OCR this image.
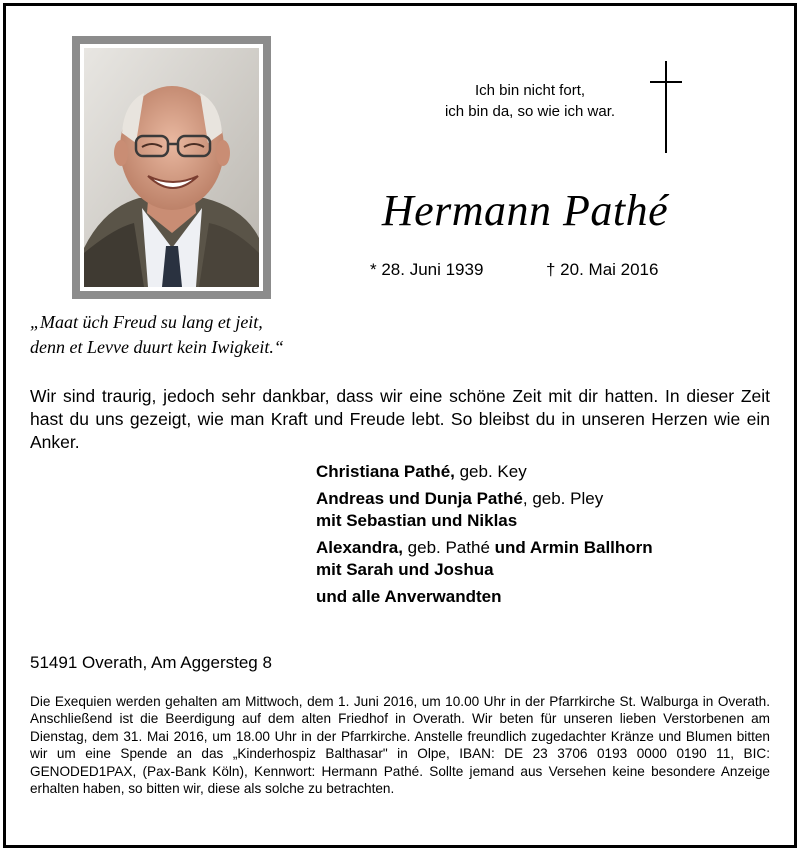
Ich bin nicht fort,
ich bin da, so wie ich war.
Hermann Pathé
* 28. Juni 1939	† 20. Mai 2016
„Maat üch Freud su lang et jeit,
denn et Levve duurt kein Iwigkeit.“
Wir sind traurig, jedoch sehr dankbar, dass wir eine schöne Zeit mit dir hatten. In dieser Zeit hast du uns gezeigt, wie man Kraft und Freude lebt. So bleibst du in unseren Herzen wie ein Anker.
Christiana Pathé, geb. Key
Andreas und Dunja Pathé, geb. Pley
mit Sebastian und Niklas
Alexandra, geb. Pathé und Armin Ballhorn
mit Sarah und Joshua
und alle Anverwandten
51491 Overath, Am Aggersteg 8
Die Exequien werden gehalten am Mittwoch, dem 1. Juni 2016, um 10.00 Uhr in der Pfarrkirche St. Walburga in Overath. Anschließend ist die Beerdigung auf dem alten Friedhof in Overath. Wir beten für unseren lieben Verstorbenen am Dienstag, dem 31. Mai 2016, um 18.00 Uhr in der Pfarrkirche. Anstelle freundlich zugedachter Kränze und Blumen bitten wir um eine Spende an das „Kinderhospiz Balthasar" in Olpe, IBAN: DE 23 3706 0193 0000 0190 11, BIC: GENODED1PAX, (Pax-Bank Köln), Kennwort: Hermann Pathé. Sollte jemand aus Versehen keine besondere Anzeige erhalten haben, so bitten wir, diese als solche zu betrachten.
